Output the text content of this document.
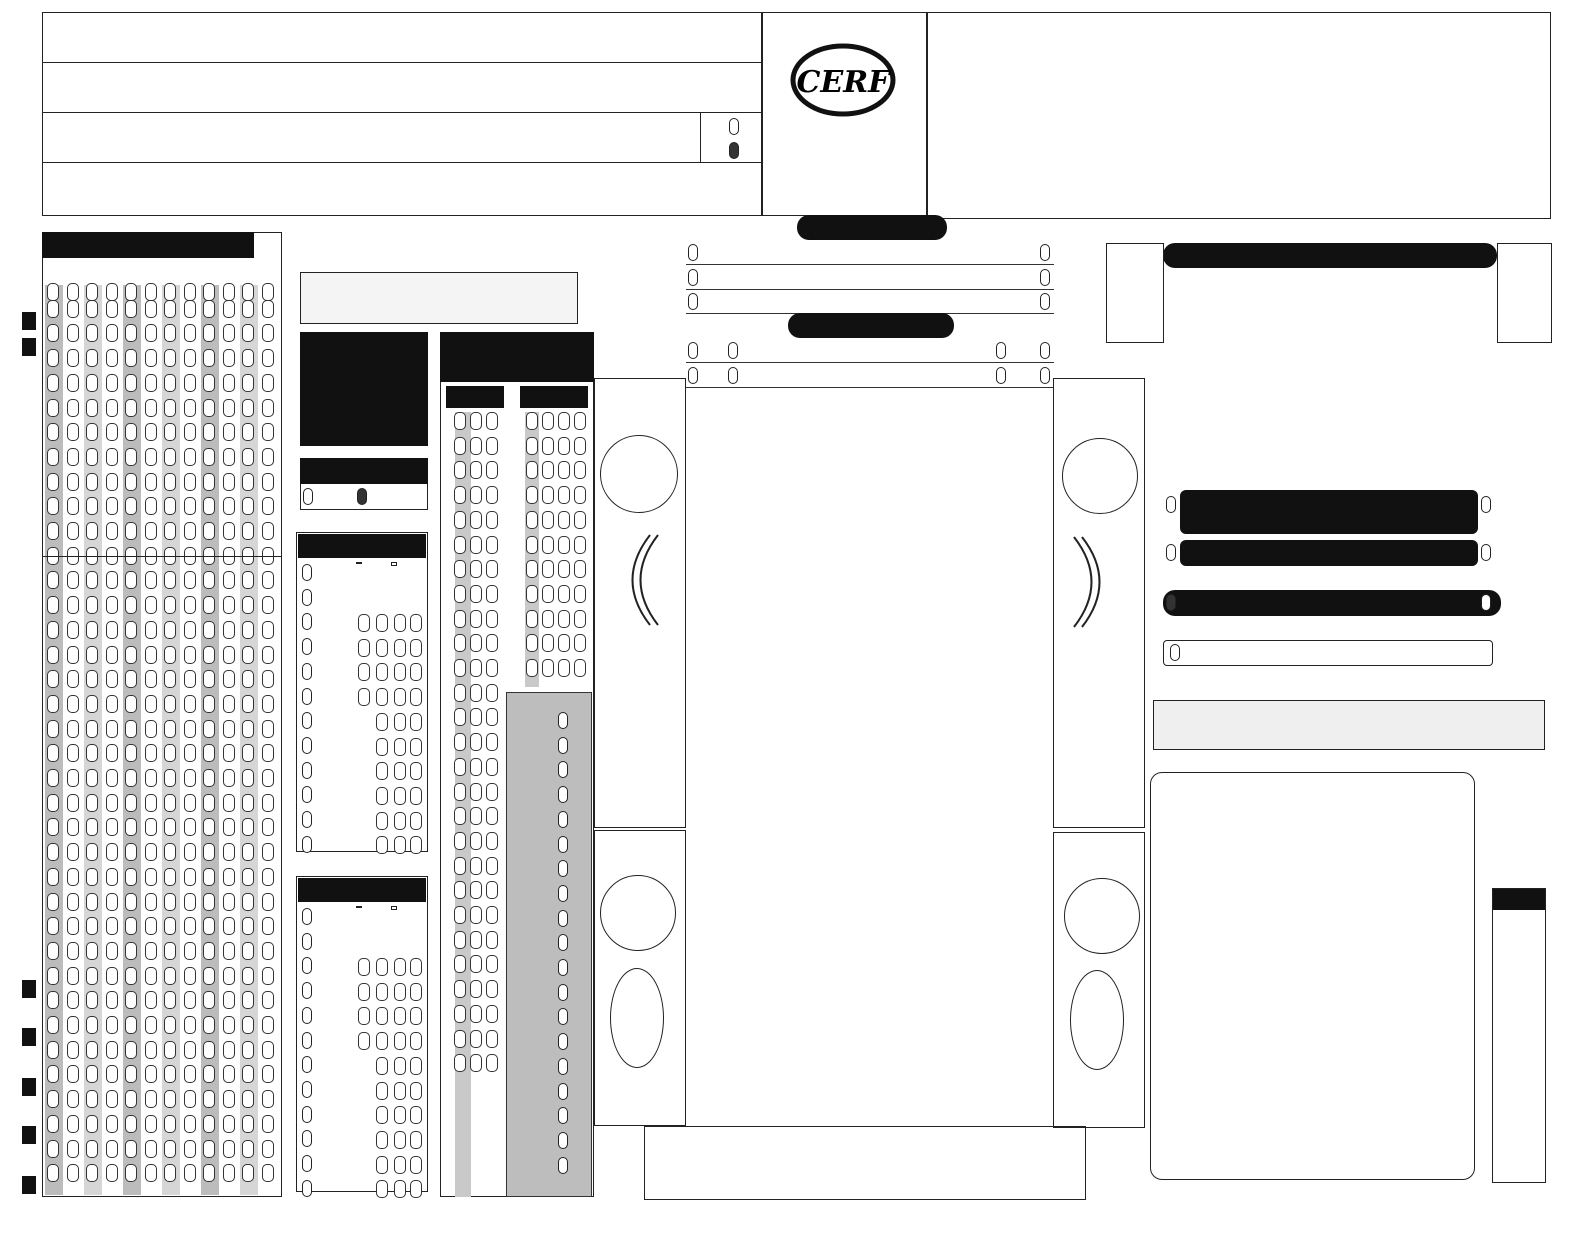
CERF
